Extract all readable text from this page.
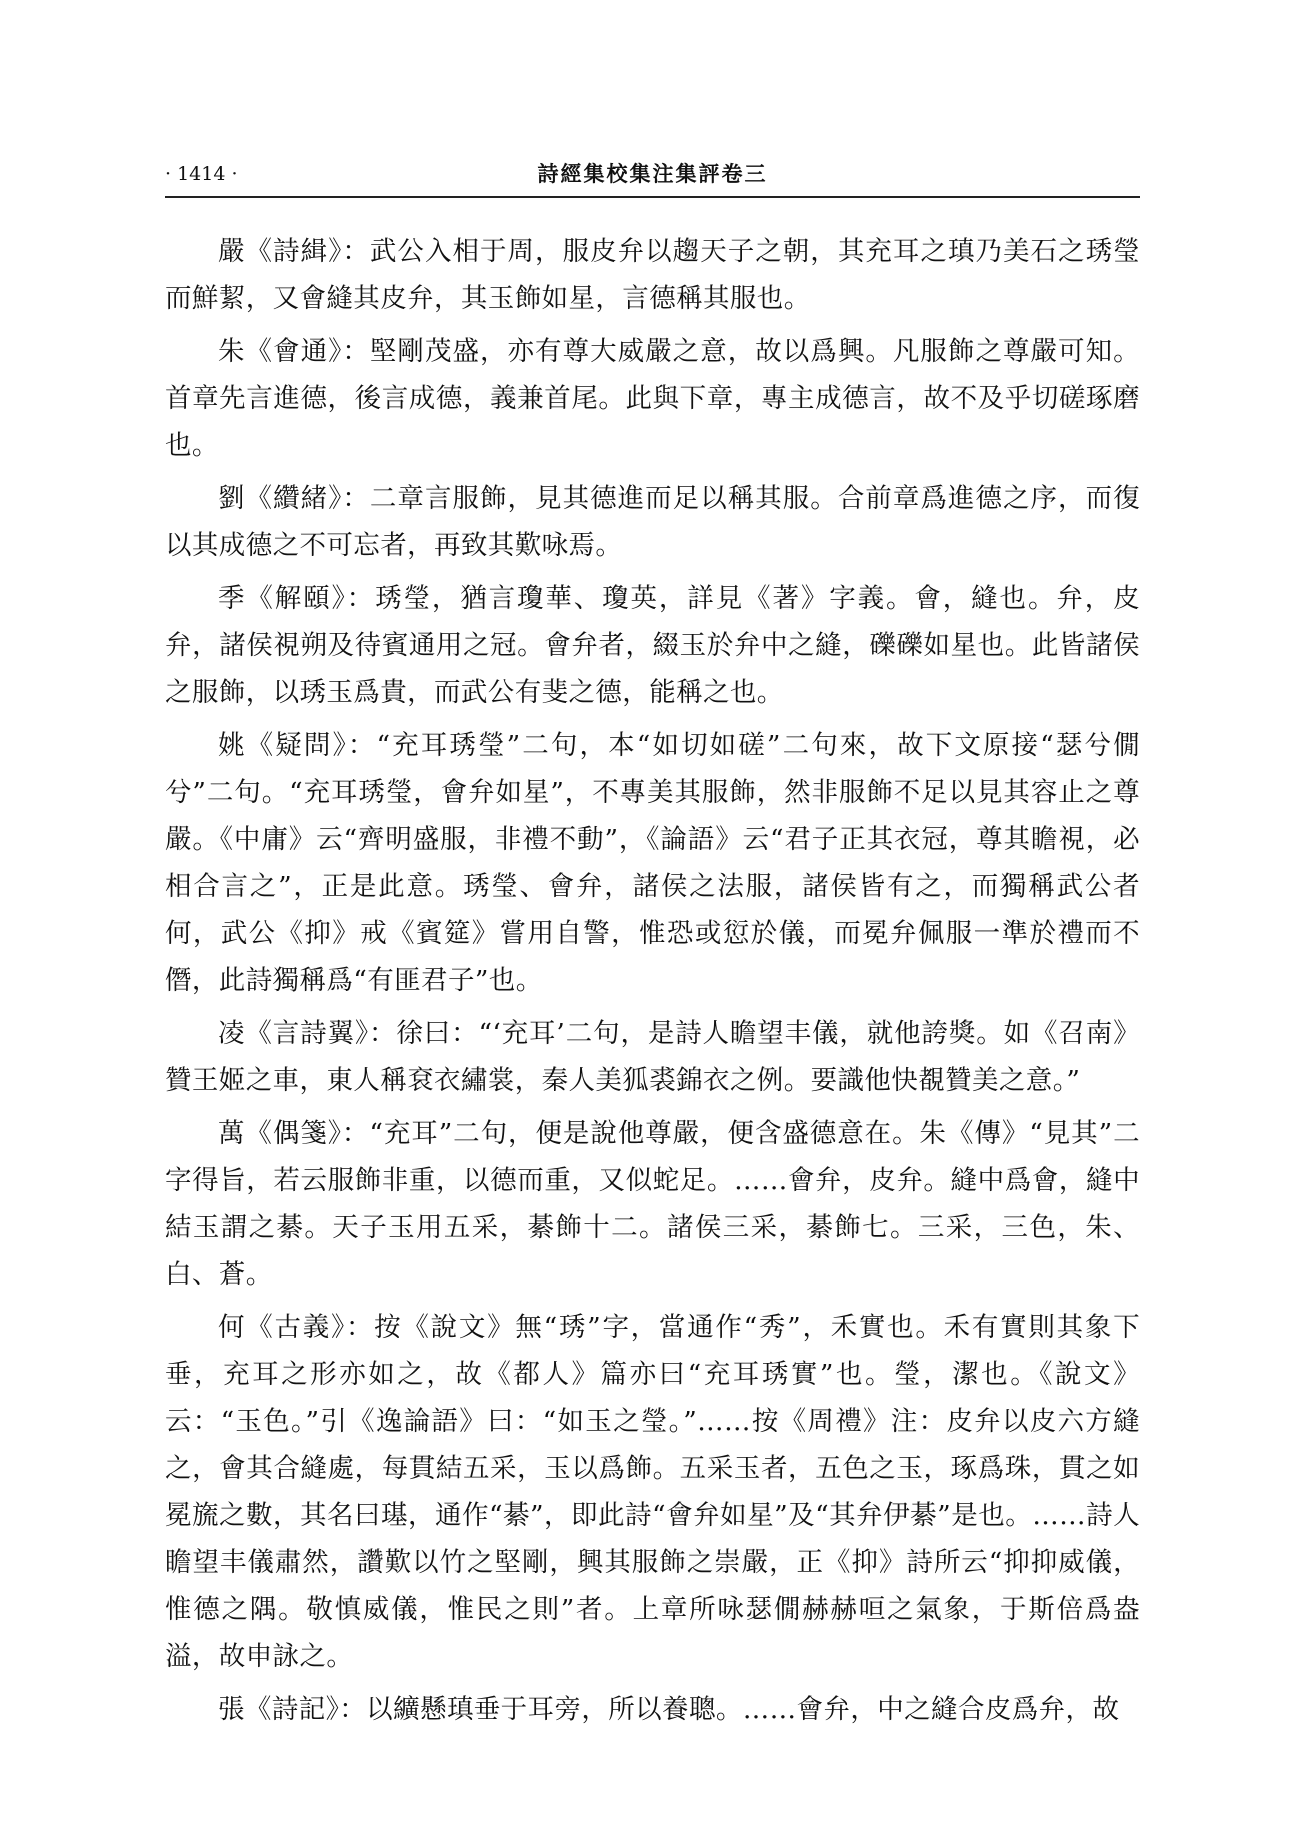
· 1414 ·	詩經集校集注集評卷三

嚴《詩緝》：武公入相于周，服皮弁以趨天子之朝，其充耳之瑱乃美石之琇瑩而鮮絜，又會縫其皮弁，其玉飾如星，言德稱其服也。

朱《會通》：堅剛茂盛，亦有尊大威嚴之意，故以爲興。凡服飾之尊嚴可知。首章先言進德，後言成德，義兼首尾。此與下章，專主成德言，故不及乎切磋琢磨也。

劉《纘緒》：二章言服飾，見其德進而足以稱其服。合前章爲進德之序，而復以其成德之不可忘者，再致其歎咏焉。

季《解頤》：琇瑩，猶言瓊華、瓊英，詳見《著》字義。會，縫也。弁，皮弁，諸侯視朔及待賓通用之冠。會弁者，綴玉於弁中之縫，礫礫如星也。此皆諸侯之服飾，以琇玉爲貴，而武公有斐之德，能稱之也。

姚《疑問》：“充耳琇瑩”二句，本“如切如磋”二句來，故下文原接“瑟兮僩兮”二句。“充耳琇瑩，會弁如星”，不專美其服飾，然非服飾不足以見其容止之尊嚴。《中庸》云“齊明盛服，非禮不動”，《論語》云“君子正其衣冠，尊其瞻視，必相合言之”，正是此意。琇瑩、會弁，諸侯之法服，諸侯皆有之，而獨稱武公者何，武公《抑》戒《賓筵》嘗用自警，惟恐或愆於儀，而冕弁佩服一準於禮而不僭，此詩獨稱爲“有匪君子”也。

凌《言詩翼》：徐曰：“‘充耳’二句，是詩人瞻望丰儀，就他誇獎。如《召南》贊王姬之車，東人稱袞衣繡裳，秦人美狐裘錦衣之例。要識他快覩贊美之意。”

萬《偶箋》：“充耳”二句，便是說他尊嚴，便含盛德意在。朱《傳》“見其”二字得旨，若云服飾非重，以德而重，又似蛇足。……會弁，皮弁。縫中爲會，縫中結玉謂之綦。天子玉用五采，綦飾十二。諸侯三采，綦飾七。三采，三色，朱、白、蒼。

何《古義》：按《說文》無“琇”字，當通作“秀”，禾實也。禾有實則其象下垂，充耳之形亦如之，故《都人》篇亦曰“充耳琇實”也。瑩，潔也。《說文》云：“玉色。”引《逸論語》曰：“如玉之瑩。”……按《周禮》注：皮弁以皮六方縫之，會其合縫處，每貫結五采，玉以爲飾。五采玉者，五色之玉，琢爲珠，貫之如冕旒之數，其名曰璂，通作“綦”，即此詩“會弁如星”及“其弁伊綦”是也。……詩人瞻望丰儀肅然，讚歎以竹之堅剛，興其服飾之崇嚴，正《抑》詩所云“抑抑威儀，惟德之隅。敬慎威儀，惟民之則”者。上章所咏瑟僩赫赫咺之氣象，于斯倍爲盎溢，故申詠之。

張《詩記》：以纊懸瑱垂于耳旁，所以養聰。……會弁，中之縫合皮爲弁，故
